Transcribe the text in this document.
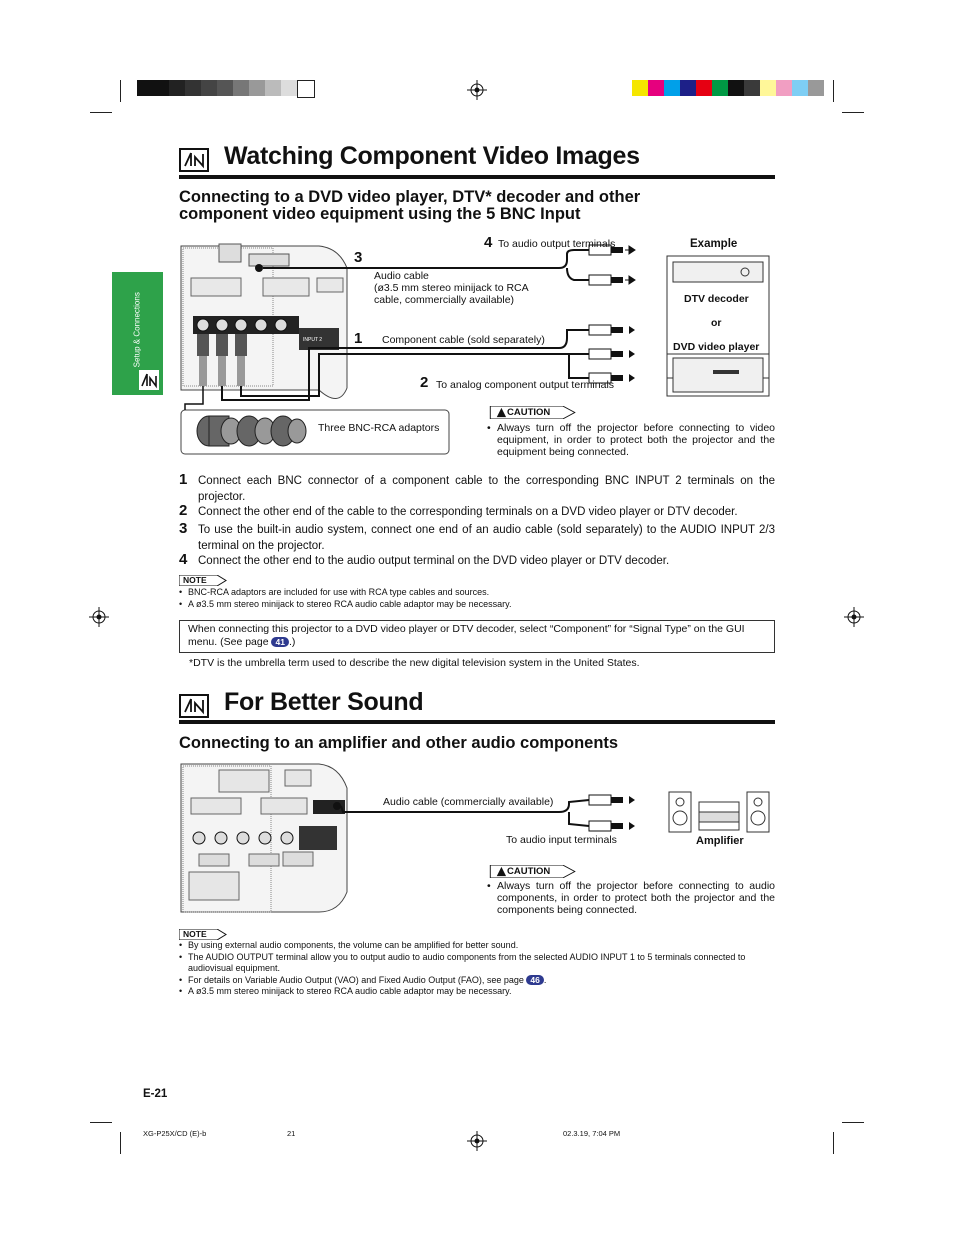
Setup & Connections
Watching Component Video Images
Connecting to a DVD video player, DTV* decoder and other
component video equipment using the 5 BNC Input
INPUT 2
4 To audio output terminals
3
Audio cable
(ø3.5 mm stereo minijack to RCA
cable, commercially available)
1 Component cable (sold separately)
2 To analog component output terminals
Three BNC-RCA adaptors
Example
DTV decoder
or
DVD video player
CAUTION
• Always turn off the projector before connecting to video equipment, in order to protect both the projector and the equipment being connected.
1 Connect each BNC connector of a component cable to the corresponding BNC INPUT 2 terminals on the projector.
2 Connect the other end of the cable to the corresponding terminals on a DVD video player or DTV decoder.
3 To use the built-in audio system, connect one end of an audio cable (sold separately) to the AUDIO INPUT 2/3 terminal on the projector.
4 Connect the other end to the audio output terminal on the DVD video player or DTV decoder.
NOTE
• BNC-RCA adaptors are included for use with RCA type cables and sources.
• A ø3.5 mm stereo minijack to stereo RCA audio cable adaptor may be necessary.
When connecting this projector to a DVD video player or DTV decoder, select “Component” for “Signal Type” on the GUI
menu. (See page 41 .)
*DTV is the umbrella term used to describe the new digital television system in the United States.
For Better Sound
Connecting to an amplifier and other audio components
Audio cable (commercially available)
To audio input terminals	Amplifier
CAUTION
• Always turn off the projector before connecting to audio components, in order to protect both the projector and the components being connected.
NOTE
• By using external audio components, the volume can be amplified for better sound.
• The AUDIO OUTPUT terminal allow you to output audio to audio components from the selected AUDIO INPUT 1 to 5 terminals connected to audiovisual equipment.
• For details on Variable Audio Output (VAO) and Fixed Audio Output (FAO), see page 46 .
• A ø3.5 mm stereo minijack to stereo RCA audio cable adaptor may be necessary.
E-21
XG-P25X/CD (E)-b	21	02.3.19, 7:04 PM
